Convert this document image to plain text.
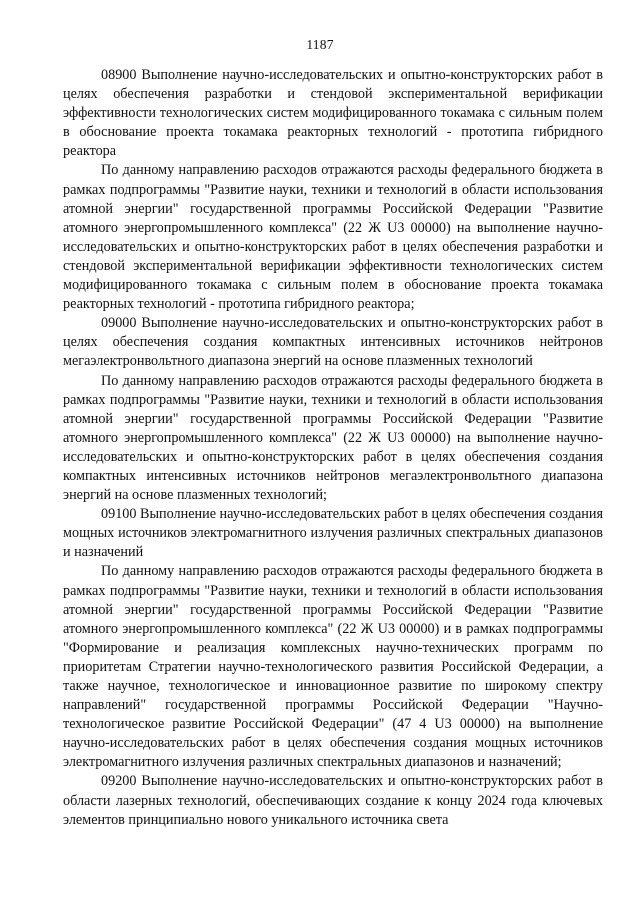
1187

08900 Выполнение научно-исследовательских и опытно-конструкторских работ в целях обеспечения разработки и стендовой экспериментальной верификации эффективности технологических систем модифицированного токамака с сильным полем в обоснование проекта токамака реакторных технологий - прототипа гибридного реактора

По данному направлению расходов отражаются расходы федерального бюджета в рамках подпрограммы "Развитие науки, техники и технологий в области использования атомной энергии" государственной программы Российской Федерации "Развитие атомного энергопромышленного комплекса" (22 Ж U3 00000) на выполнение научно-исследовательских и опытно-конструкторских работ в целях обеспечения разработки и стендовой экспериментальной верификации эффективности технологических систем модифицированного токамака с сильным полем в обоснование проекта токамака реакторных технологий - прототипа гибридного реактора;

09000 Выполнение научно-исследовательских и опытно-конструкторских работ в целях обеспечения создания компактных интенсивных источников нейтронов мегаэлектронвольтного диапазона энергий на основе плазменных технологий

По данному направлению расходов отражаются расходы федерального бюджета в рамках подпрограммы "Развитие науки, техники и технологий в области использования атомной энергии" государственной программы Российской Федерации "Развитие атомного энергопромышленного комплекса" (22 Ж U3 00000) на выполнение научно-исследовательских и опытно-конструкторских работ в целях обеспечения создания компактных интенсивных источников нейтронов мегаэлектронвольтного диапазона энергий на основе плазменных технологий;

09100 Выполнение научно-исследовательских работ в целях обеспечения создания мощных источников электромагнитного излучения различных спектральных диапазонов и назначений

По данному направлению расходов отражаются расходы федерального бюджета в рамках подпрограммы "Развитие науки, техники и технологий в области использования атомной энергии" государственной программы Российской Федерации "Развитие атомного энергопромышленного комплекса" (22 Ж U3 00000) и в рамках подпрограммы "Формирование и реализация комплексных научно-технических программ по приоритетам Стратегии научно-технологического развития Российской Федерации, а также научное, технологическое и инновационное развитие по широкому спектру направлений" государственной программы Российской Федерации "Научно-технологическое развитие Российской Федерации" (47 4 U3 00000) на выполнение научно-исследовательских работ в целях обеспечения создания мощных источников электромагнитного излучения различных спектральных диапазонов и назначений;

09200 Выполнение научно-исследовательских и опытно-конструкторских работ в области лазерных технологий, обеспечивающих создание к концу 2024 года ключевых элементов принципиально нового уникального источника света
